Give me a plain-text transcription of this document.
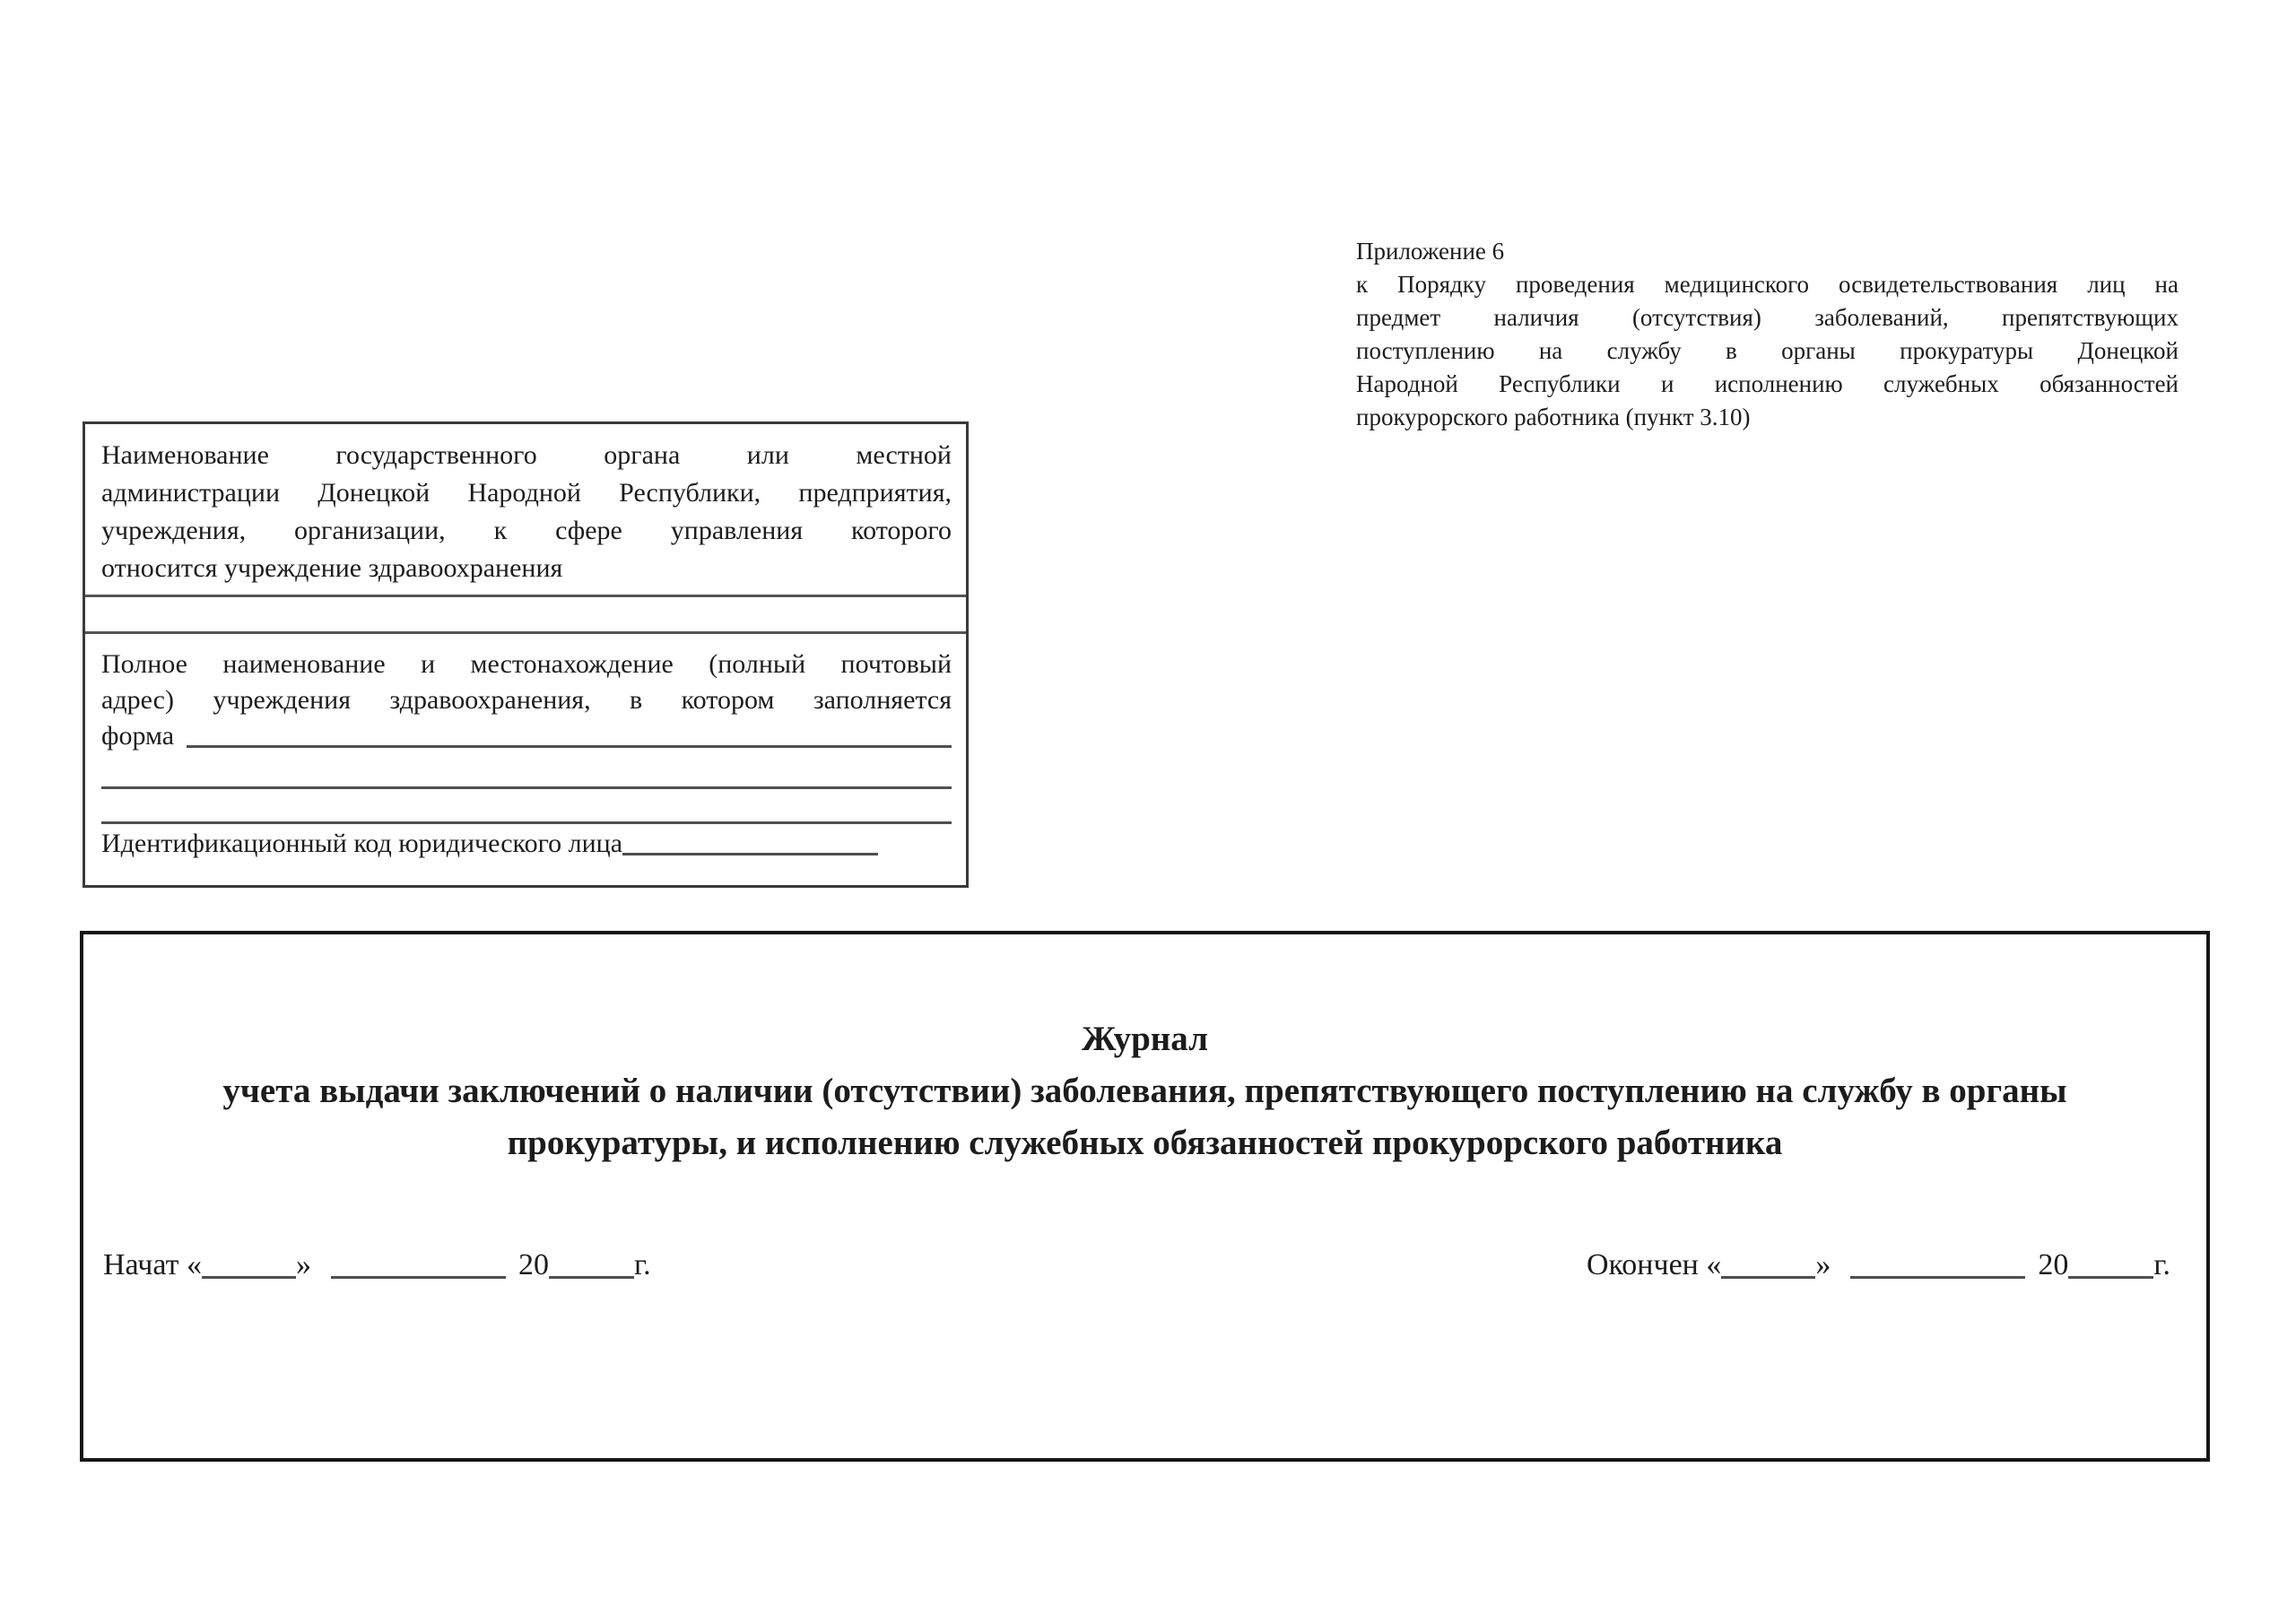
Приложение 6
к Порядку проведения медицинского освидетельствования лиц на
предмет наличия (отсутствия) заболеваний, препятствующих
поступлению на службу в органы прокуратуры Донецкой
Народной Республики и исполнению служебных обязанностей
прокурорского работника (пункт 3.10)
Наименование государственного органа или местной
администрации Донецкой Народной Республики, предприятия,
учреждения, организации, к сфере управления которого
относится учреждение здравоохранения
Полное наименование и местонахождение (полный почтовый
адрес) учреждения здравоохранения, в котором заполняется
форма
Идентификационный код юридического лица
Журнал
учета выдачи заключений о наличии (отсутствии) заболевания, препятствующего поступлению на службу в органы
прокуратуры, и исполнению служебных обязанностей прокурорского работника
Начат «	»	20	г.	Окончен «	»	20	г.
